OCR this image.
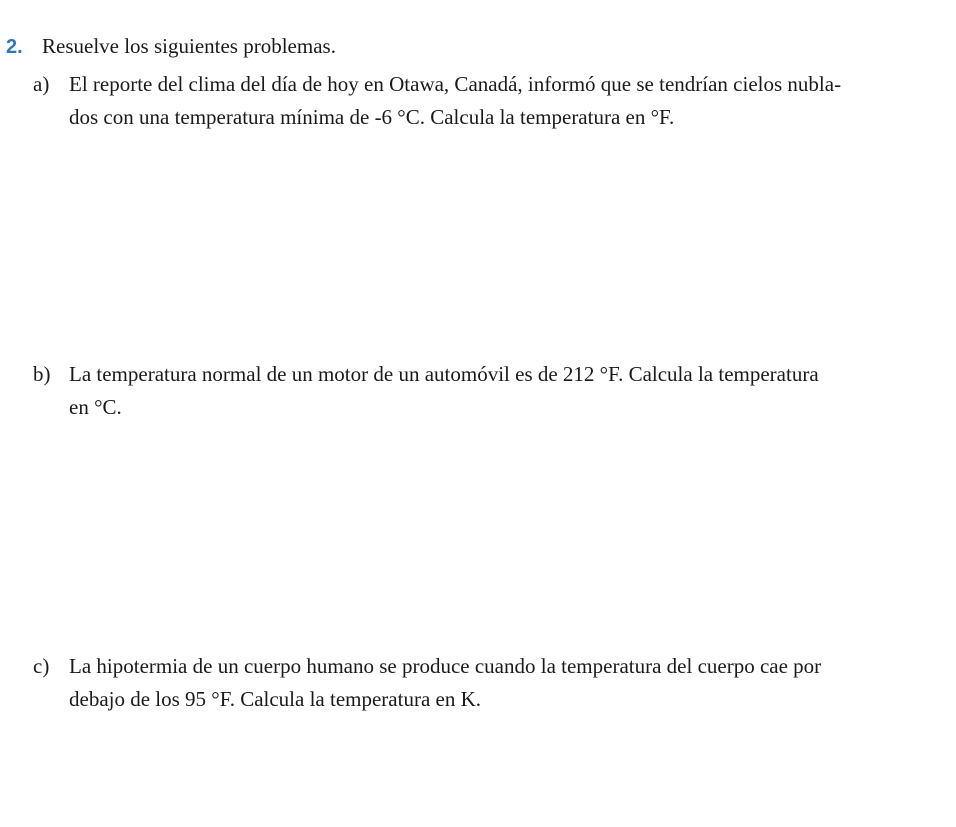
2. Resuelve los siguientes problemas.
a) El reporte del clima del día de hoy en Otawa, Canadá, informó que se tendrían cielos nubla-
dos con una temperatura mínima de -6 °C. Calcula la temperatura en °F.
b) La temperatura normal de un motor de un automóvil es de 212 °F. Calcula la temperatura
en °C.
c) La hipotermia de un cuerpo humano se produce cuando la temperatura del cuerpo cae por
debajo de los 95 °F. Calcula la temperatura en K.
